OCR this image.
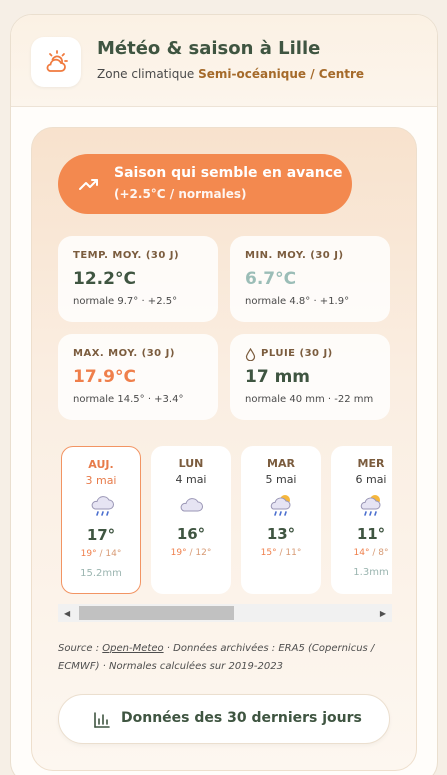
Météo & saison à Lille
Zone climatique Semi-océanique / Centre
Saison qui semble en avance
(+2.5°C / normales)
TEMP. MOY. (30 J)
12.2°C
normale 9.7° · +2.5°
MIN. MOY. (30 J)
6.7°C
normale 4.8° · +1.9°
MAX. MOY. (30 J)
17.9°C
normale 14.5° · +3.4°
PLUIE (30 J)
17 mm
normale 40 mm · -22 mm
AUJ.
3 mai
17°
19° / 14°
15.2mm
LUN
4 mai
16°
19° / 12°
MAR
5 mai
13°
15° / 11°
MER
6 mai
11°
14° / 8°
1.3mm
◀	▶
Source : Open-Meteo · Données archivées : ERA5 (Copernicus / ECMWF) · Normales calculées sur 2019-2023
Données des 30 derniers jours
